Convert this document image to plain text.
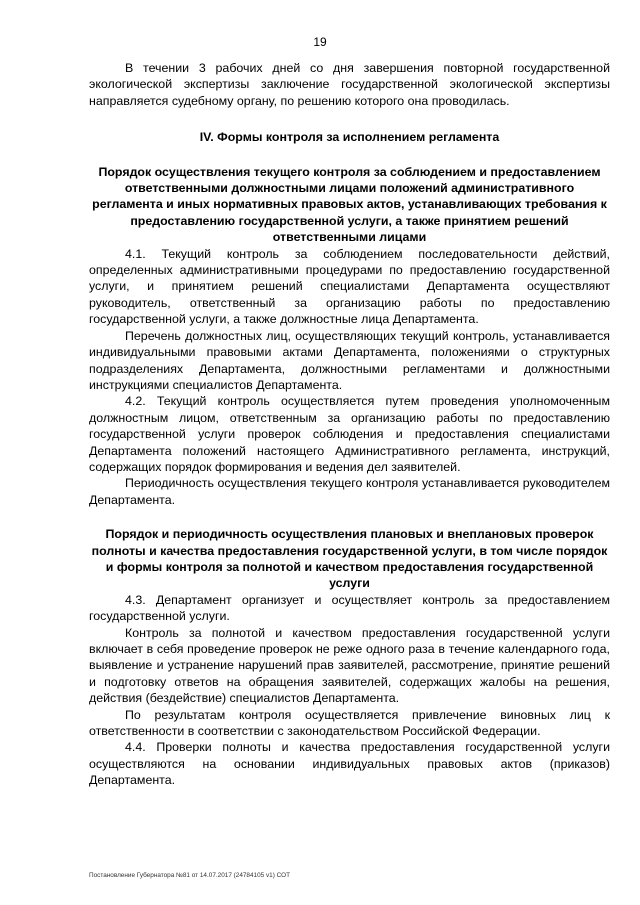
19

В течении 3 рабочих дней со дня завершения повторной государственной экологической экспертизы заключение государственной экологической экспертизы направляется судебному органу, по решению которого она проводилась.

IV. Формы контроля за исполнением регламента
Порядок осуществления текущего контроля за соблюдением и предоставлением ответственными должностными лицами положений административного регламента и иных нормативных правовых актов, устанавливающих требования к предоставлению государственной услуги, а также принятием решений ответственными лицами

4.1. Текущий контроль за соблюдением последовательности действий, определенных административными процедурами по предоставлению государственной услуги, и принятием решений специалистами Департамента осуществляют руководитель, ответственный за организацию работы по предоставлению государственной услуги, а также должностные лица Департамента.

Перечень должностных лиц, осуществляющих текущий контроль, устанавливается индивидуальными правовыми актами Департамента, положениями о структурных подразделениях Департамента, должностными регламентами и должностными инструкциями специалистов Департамента.

4.2. Текущий контроль осуществляется путем проведения уполномоченным должностным лицом, ответственным за организацию работы по предоставлению государственной услуги проверок соблюдения и предоставления специалистами Департамента положений настоящего Административного регламента, инструкций, содержащих порядок формирования и ведения дел заявителей.

Периодичность осуществления текущего контроля устанавливается руководителем Департамента.

Порядок и периодичность осуществления плановых и внеплановых проверок полноты и качества предоставления государственной услуги, в том числе порядок и формы контроля за полнотой и качеством предоставления государственной услуги

4.3. Департамент организует и осуществляет контроль за предоставлением государственной услуги.

Контроль за полнотой и качеством предоставления государственной услуги включает в себя проведение проверок не реже одного раза в течение календарного года, выявление и устранение нарушений прав заявителей, рассмотрение, принятие решений и подготовку ответов на обращения заявителей, содержащих жалобы на решения, действия (бездействие) специалистов Департамента.

По результатам контроля осуществляется привлечение виновных лиц к ответственности в соответствии с законодательством Российской Федерации.

4.4. Проверки полноты и качества предоставления государственной услуги осуществляются на основании индивидуальных правовых актов (приказов) Департамента.

Постановление Губернатора №81 от 14.07.2017 (24784105 v1) СОТ
